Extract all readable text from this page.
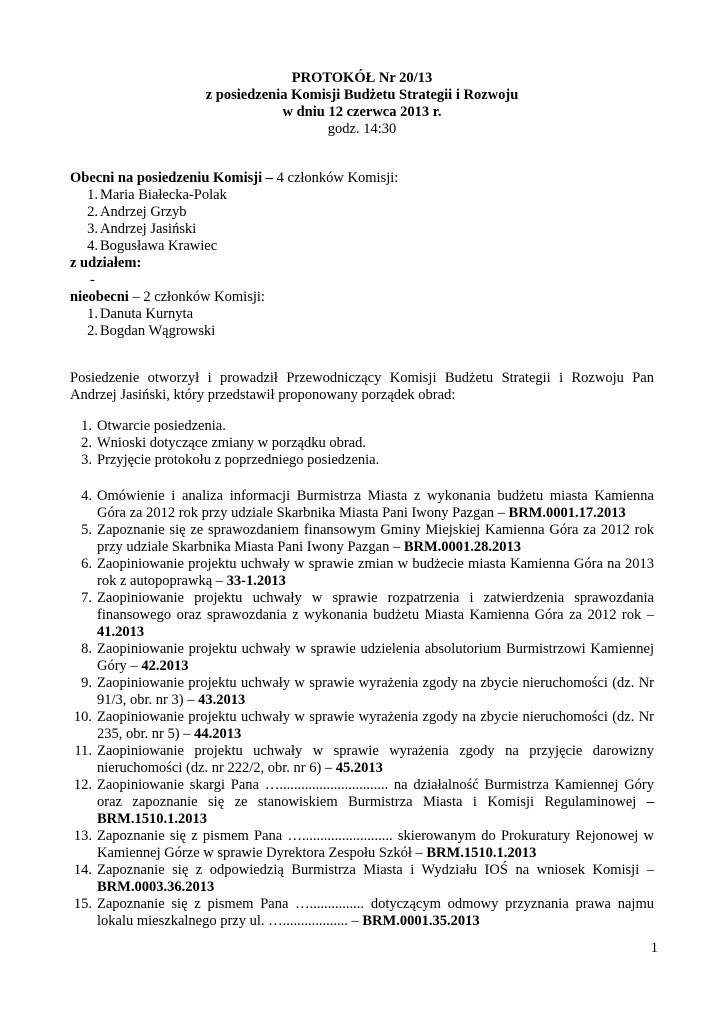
PROTOKÓŁ Nr 20/13
z posiedzenia Komisji Budżetu Strategii i Rozwoju
w dniu 12 czerwca 2013 r.
godz. 14:30
Obecni na posiedzeniu Komisji – 4 członków Komisji:
1. Maria Białecka-Polak
2. Andrzej Grzyb
3. Andrzej Jasiński
4. Bogusława Krawiec
z udziałem:
-
nieobecni – 2 członków Komisji:
1. Danuta Kurnyta
2. Bogdan Wągrowski

Posiedzenie otworzył i prowadził Przewodniczący Komisji Budżetu Strategii i Rozwoju Pan Andrzej Jasiński, który przedstawił proponowany porządek obrad:

1. Otwarcie posiedzenia.
2. Wnioski dotyczące zmiany w porządku obrad.
3. Przyjęcie protokołu z poprzedniego posiedzenia.
4. Omówienie i analiza informacji Burmistrza Miasta z wykonania budżetu miasta Kamienna Góra za 2012 rok przy udziale Skarbnika Miasta Pani Iwony Pazgan – BRM.0001.17.2013
5. Zapoznanie się ze sprawozdaniem finansowym Gminy Miejskiej Kamienna Góra za 2012 rok przy udziale Skarbnika Miasta Pani Iwony Pazgan – BRM.0001.28.2013
6. Zaopiniowanie projektu uchwały w sprawie zmian w budżecie miasta Kamienna Góra na 2013 rok z autopoprawką – 33-1.2013
7. Zaopiniowanie projektu uchwały w sprawie rozpatrzenia i zatwierdzenia sprawozdania finansowego oraz sprawozdania z wykonania budżetu Miasta Kamienna Góra za 2012 rok – 41.2013
8. Zaopiniowanie projektu uchwały w sprawie udzielenia absolutorium Burmistrzowi Kamiennej Góry – 42.2013
9. Zaopiniowanie projektu uchwały w sprawie wyrażenia zgody na zbycie nieruchomości (dz. Nr 91/3, obr. nr 3) – 43.2013
10. Zaopiniowanie projektu uchwały w sprawie wyrażenia zgody na zbycie nieruchomości (dz. Nr 235, obr. nr 5) – 44.2013
11. Zaopiniowanie projektu uchwały w sprawie wyrażenia zgody na przyjęcie darowizny nieruchomości (dz. nr 222/2, obr. nr 6) – 45.2013
12. Zaopiniowanie skargi Pana ….............................. na działalność Burmistrza Kamiennej Góry oraz zapoznanie się ze stanowiskiem Burmistrza Miasta i Komisji Regulaminowej – BRM.1510.1.2013
13. Zapoznanie się z pismem Pana …......................... skierowanym do Prokuratury Rejonowej w Kamiennej Górze w sprawie Dyrektora Zespołu Szkół – BRM.1510.1.2013
14. Zapoznanie się z odpowiedzią Burmistrza Miasta i Wydziału IOŚ na wniosek Komisji – BRM.0003.36.2013
15. Zapoznanie się z pismem Pana …............... dotyczącym odmowy przyznania prawa najmu lokalu mieszkalnego przy ul. ….................. – BRM.0001.35.2013
1
